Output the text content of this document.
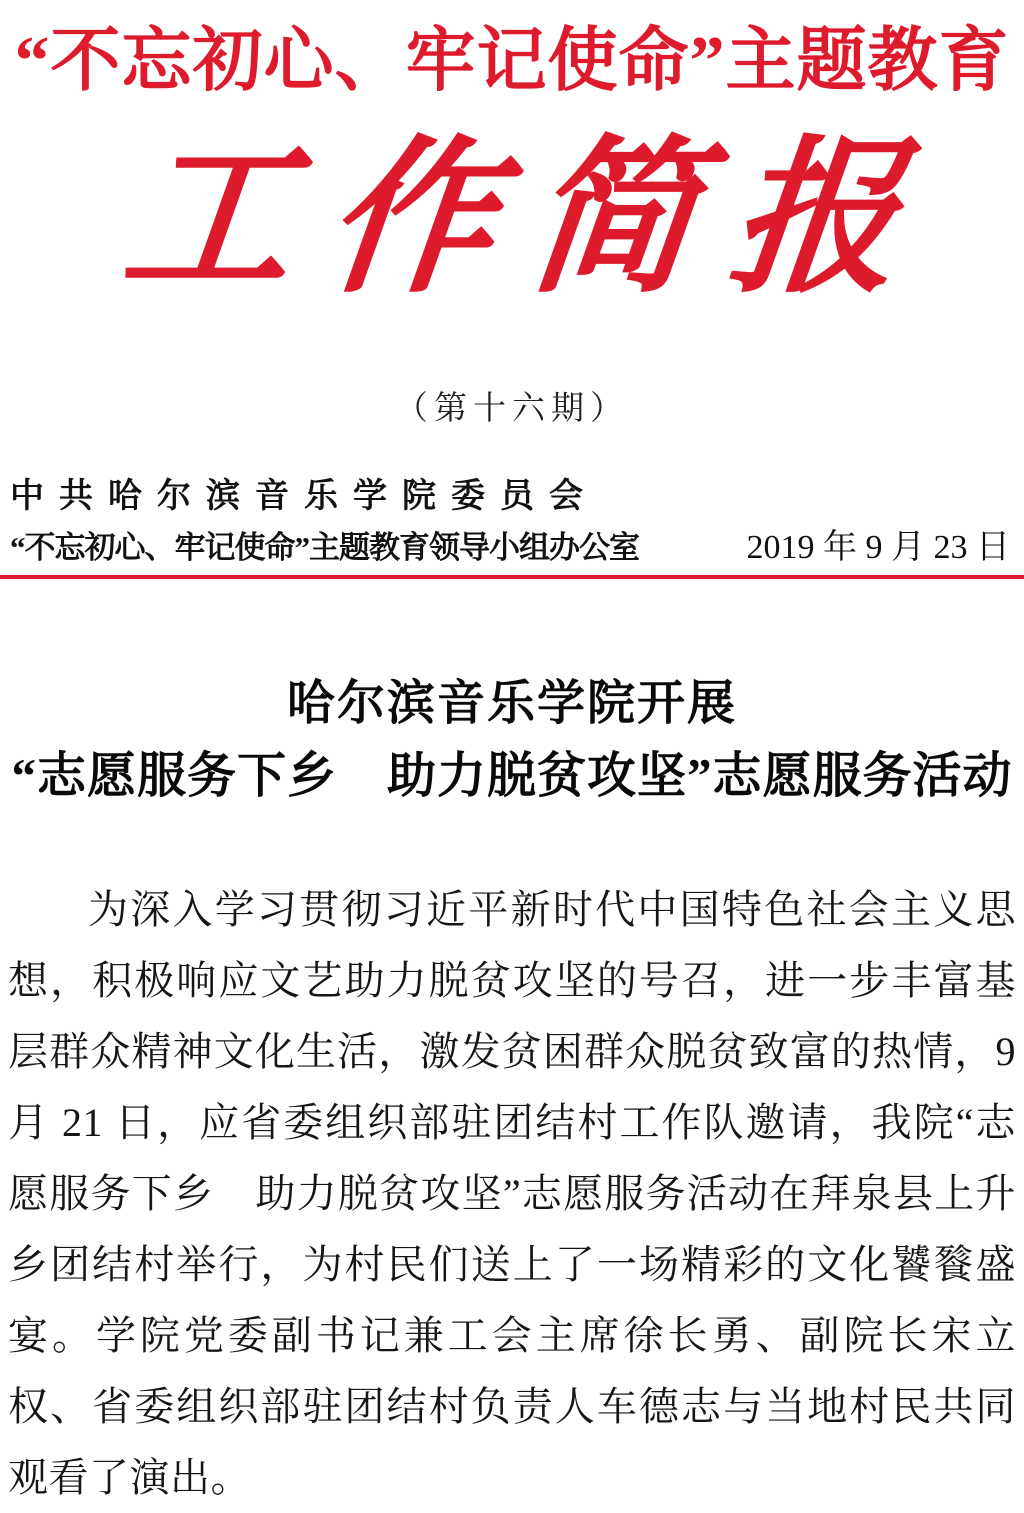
“不忘初心、牢记使命”主题教育
工作简报
（第十六期）
中共哈尔滨音乐学院委员会
“不忘初心、牢记使命”主题教育领导小组办公室	2019 年 9 月 23 日
哈尔滨音乐学院开展
“志愿服务下乡　助力脱贫攻坚”志愿服务活动
为深入学习贯彻习近平新时代中国特色社会主义思想，积极响应文艺助力脱贫攻坚的号召，进一步丰富基层群众精神文化生活，激发贫困群众脱贫致富的热情，9 月 21 日，应省委组织部驻团结村工作队邀请，我院“志愿服务下乡　助力脱贫攻坚”志愿服务活动在拜泉县上升乡团结村举行，为村民们送上了一场精彩的文化饕餮盛宴。学院党委副书记兼工会主席徐长勇、副院长宋立权、省委组织部驻团结村负责人车德志与当地村民共同观看了演出。
